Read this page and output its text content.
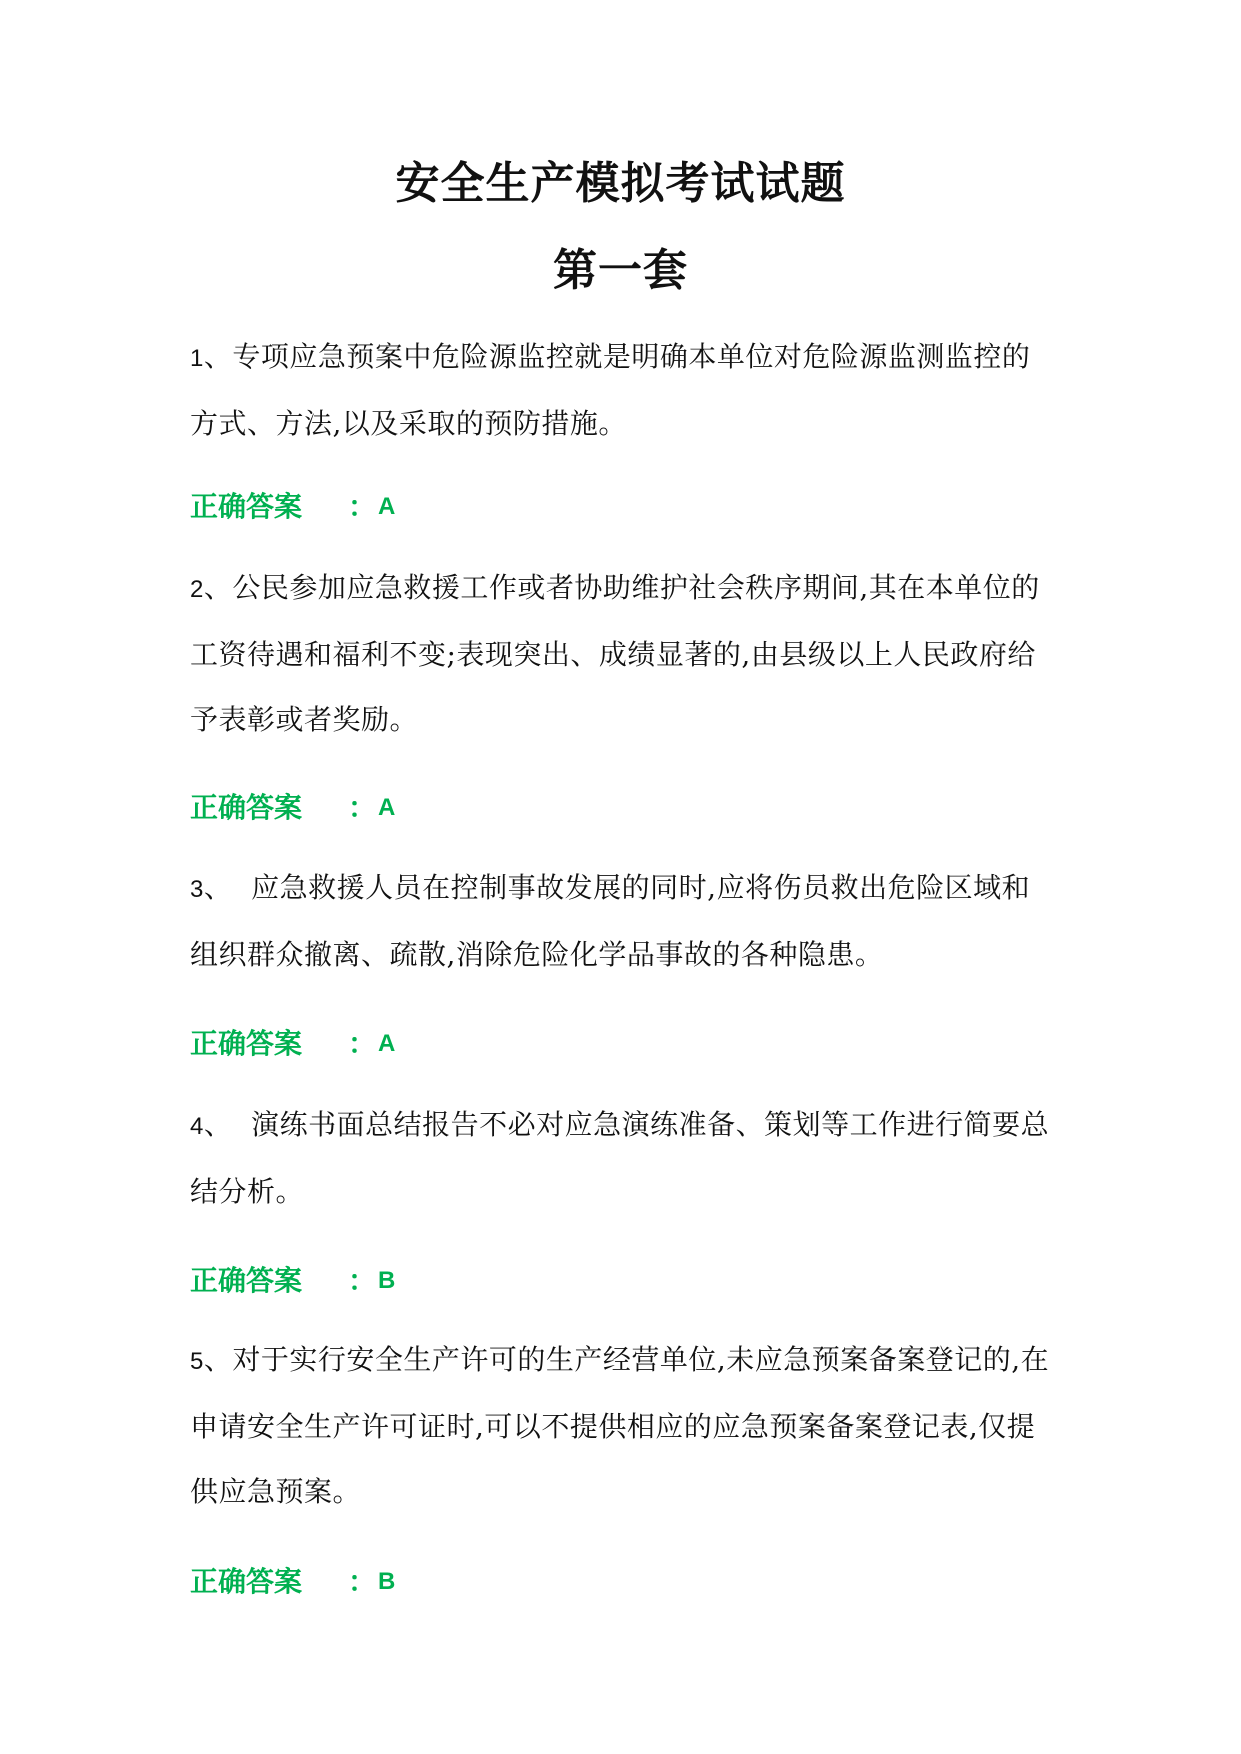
安全生产模拟考试试题
第一套
1、专项应急预案中危险源监控就是明确本单位对危险源监测监控的方式、方法,以及采取的预防措施。
正确答案 ： A
2、公民参加应急救援工作或者协助维护社会秩序期间,其在本单位的工资待遇和福利不变;表现突出、成绩显著的,由县级以上人民政府给予表彰或者奖励。
正确答案 ： A
3、  应急救援人员在控制事故发展的同时,应将伤员救出危险区域和组织群众撤离、疏散,消除危险化学品事故的各种隐患。
正确答案 ： A
4、  演练书面总结报告不必对应急演练准备、策划等工作进行简要总结分析。
正确答案 ： B
5、对于实行安全生产许可的生产经营单位,未应急预案备案登记的,在申请安全生产许可证时,可以不提供相应的应急预案备案登记表,仅提供应急预案。
正确答案 ： B
